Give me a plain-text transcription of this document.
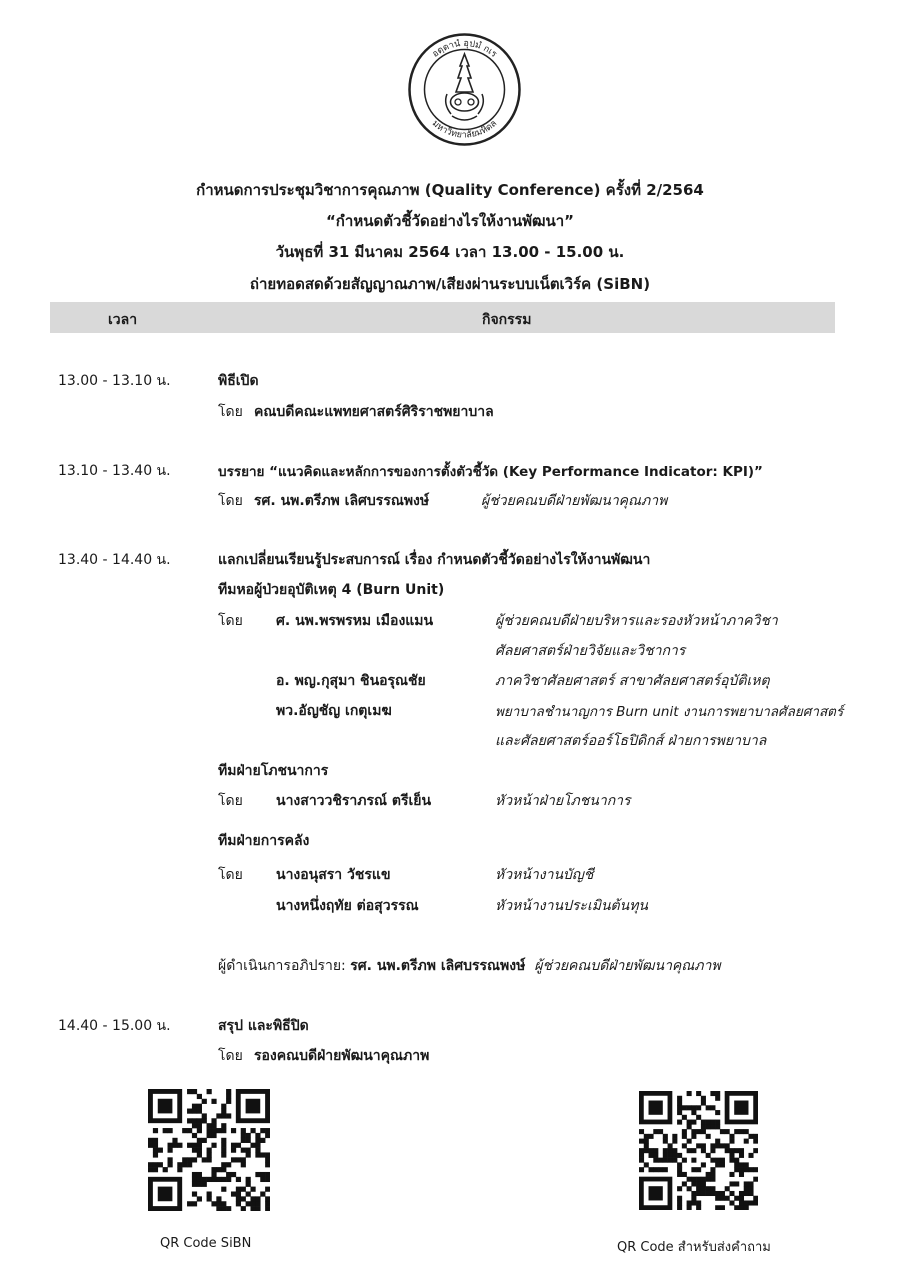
อตฺตานํ อุปมํ กเร
มหาวิทยาลัยมหิดล
กำหนดการประชุมวิชาการคุณภาพ (Quality Conference) ครั้งที่ 2/2564
“กำหนดตัวชี้วัดอย่างไรให้งานพัฒนา”
วันพุธที่ 31 มีนาคม 2564 เวลา 13.00 - 15.00 น.
ถ่ายทอดสดด้วยสัญญาณภาพ/เสียงผ่านระบบเน็ตเวิร์ค (SiBN)
เวลา	กิจกรรม
13.00 - 13.10 น.	พิธีเปิด
โดย คณบดีคณะแพทยศาสตร์ศิริราชพยาบาล
13.10 - 13.40 น.	บรรยาย “แนวคิดและหลักการของการตั้งตัวชี้วัด (Key Performance Indicator: KPI)”
โดย รศ. นพ.ตรีภพ เลิศบรรณพงษ์	ผู้ช่วยคณบดีฝ่ายพัฒนาคุณภาพ
13.40 - 14.40 น.	แลกเปลี่ยนเรียนรู้ประสบการณ์ เรื่อง กำหนดตัวชี้วัดอย่างไรให้งานพัฒนา
ทีมหอผู้ป่วยอุบัติเหตุ 4 (Burn Unit)
โดย ศ. นพ.พรพรหม เมืองแมน	ผู้ช่วยคณบดีฝ่ายบริหารและรองหัวหน้าภาควิชา
ศัลยศาสตร์ฝ่ายวิจัยและวิชาการ
อ. พญ.กุสุมา ชินอรุณชัย	ภาควิชาศัลยศาสตร์ สาขาศัลยศาสตร์อุบัติเหตุ
พว.อัญชัญ เกตุเมฆ	พยาบาลชำนาญการ Burn unit งานการพยาบาลศัลยศาสตร์
และศัลยศาสตร์ออร์โธปิดิกส์ ฝ่ายการพยาบาล
ทีมฝ่ายโภชนาการ
โดย นางสาววชิราภรณ์ ตรีเย็น	หัวหน้าฝ่ายโภชนาการ
ทีมฝ่ายการคลัง
โดย นางอนุสรา วัชรแข	หัวหน้างานบัญชี
นางหนึ่งฤทัย ต่อสุวรรณ	หัวหน้างานประเมินต้นทุน
ผู้ดำเนินการอภิปราย: รศ. นพ.ตรีภพ เลิศบรรณพงษ์ ผู้ช่วยคณบดีฝ่ายพัฒนาคุณภาพ
14.40 - 15.00 น.	สรุป และพิธีปิด
โดย รองคณบดีฝ่ายพัฒนาคุณภาพ
QR Code SiBN	QR Code สำหรับส่งคำถาม
